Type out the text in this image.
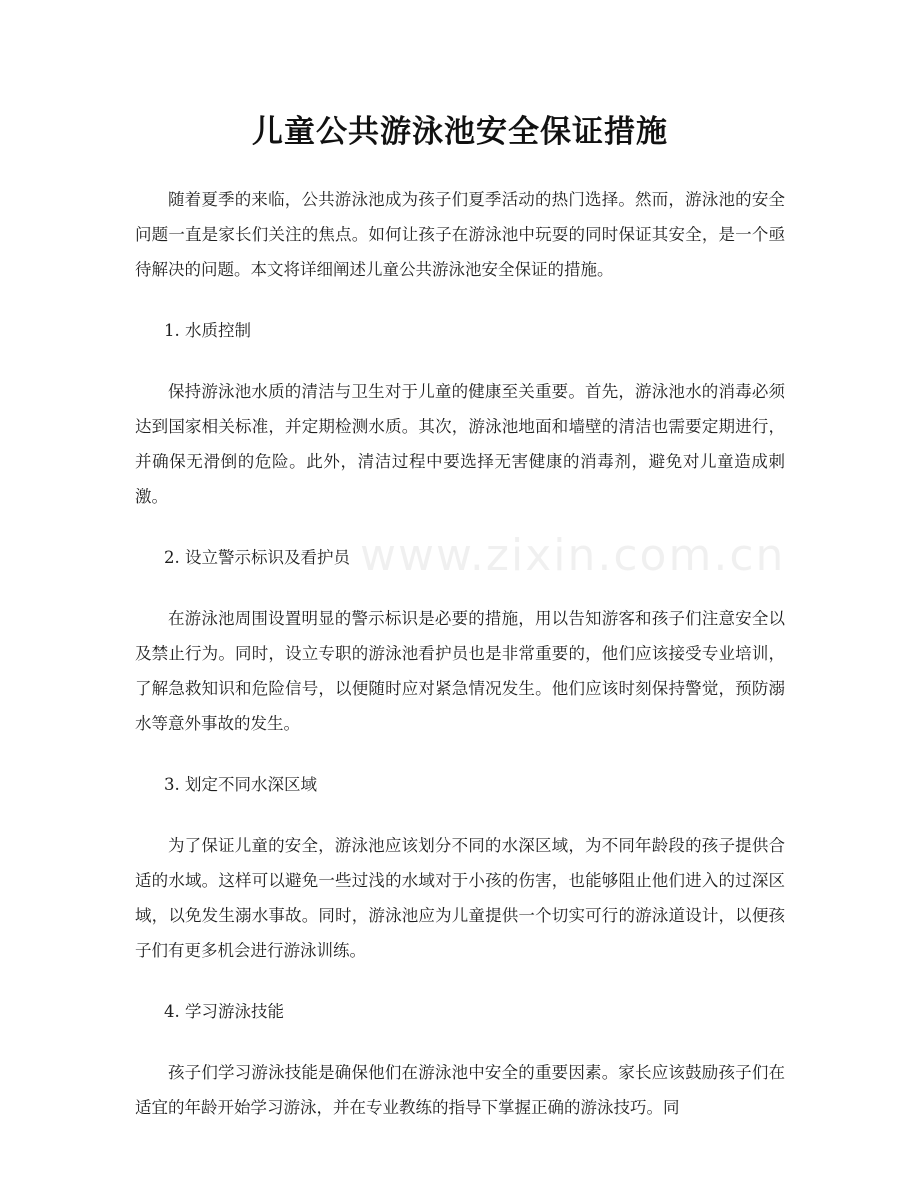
儿童公共游泳池安全保证措施

随着夏季的来临，公共游泳池成为孩子们夏季活动的热门选择。然而，游泳池的安全问题一直是家长们关注的焦点。如何让孩子在游泳池中玩耍的同时保证其安全，是一个亟待解决的问题。本文将详细阐述儿童公共游泳池安全保证的措施。

1. 水质控制

保持游泳池水质的清洁与卫生对于儿童的健康至关重要。首先，游泳池水的消毒必须达到国家相关标准，并定期检测水质。其次，游泳池地面和墙壁的清洁也需要定期进行，并确保无滑倒的危险。此外，清洁过程中要选择无害健康的消毒剂，避免对儿童造成刺激。

2. 设立警示标识及看护员

在游泳池周围设置明显的警示标识是必要的措施，用以告知游客和孩子们注意安全以及禁止行为。同时，设立专职的游泳池看护员也是非常重要的，他们应该接受专业培训，了解急救知识和危险信号，以便随时应对紧急情况发生。他们应该时刻保持警觉，预防溺水等意外事故的发生。

3. 划定不同水深区域

为了保证儿童的安全，游泳池应该划分不同的水深区域，为不同年龄段的孩子提供合适的水域。这样可以避免一些过浅的水域对于小孩的伤害，也能够阻止他们进入的过深区域，以免发生溺水事故。同时，游泳池应为儿童提供一个切实可行的游泳道设计，以便孩子们有更多机会进行游泳训练。

4. 学习游泳技能

孩子们学习游泳技能是确保他们在游泳池中安全的重要因素。家长应该鼓励孩子们在适宜的年龄开始学习游泳，并在专业教练的指导下掌握正确的游泳技巧。同

www.zixin.com.cn
